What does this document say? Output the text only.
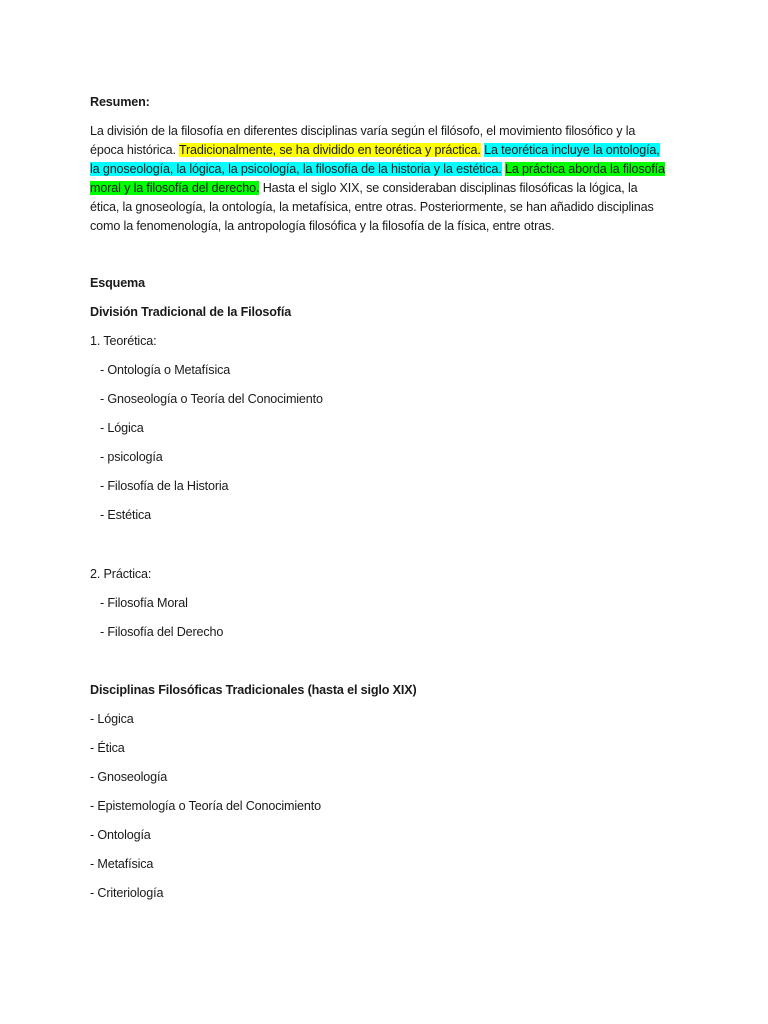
Resumen:
La división de la filosofía en diferentes disciplinas varía según el filósofo, el movimiento filosófico y la
época histórica. Tradicionalmente, se ha dividido en teorética y práctica. La teorética incluye la ontología,
la gnoseología, la lógica, la psicología, la filosofía de la historia y la estética. La práctica aborda la filosofía
moral y la filosofía del derecho. Hasta el siglo XIX, se consideraban disciplinas filosóficas la lógica, la
ética, la gnoseología, la ontología, la metafísica, entre otras. Posteriormente, se han añadido disciplinas
como la fenomenología, la antropología filosófica y la filosofía de la física, entre otras.
Esquema
División Tradicional de la Filosofía
1. Teorética:
- Ontología o Metafísica
- Gnoseología o Teoría del Conocimiento
- Lógica
- psicología
- Filosofía de la Historia
- Estética
2. Práctica:
- Filosofía Moral
- Filosofía del Derecho
Disciplinas Filosóficas Tradicionales (hasta el siglo XIX)
- Lógica
- Ética
- Gnoseología
- Epistemología o Teoría del Conocimiento
- Ontología
- Metafísica
- Criteriología
